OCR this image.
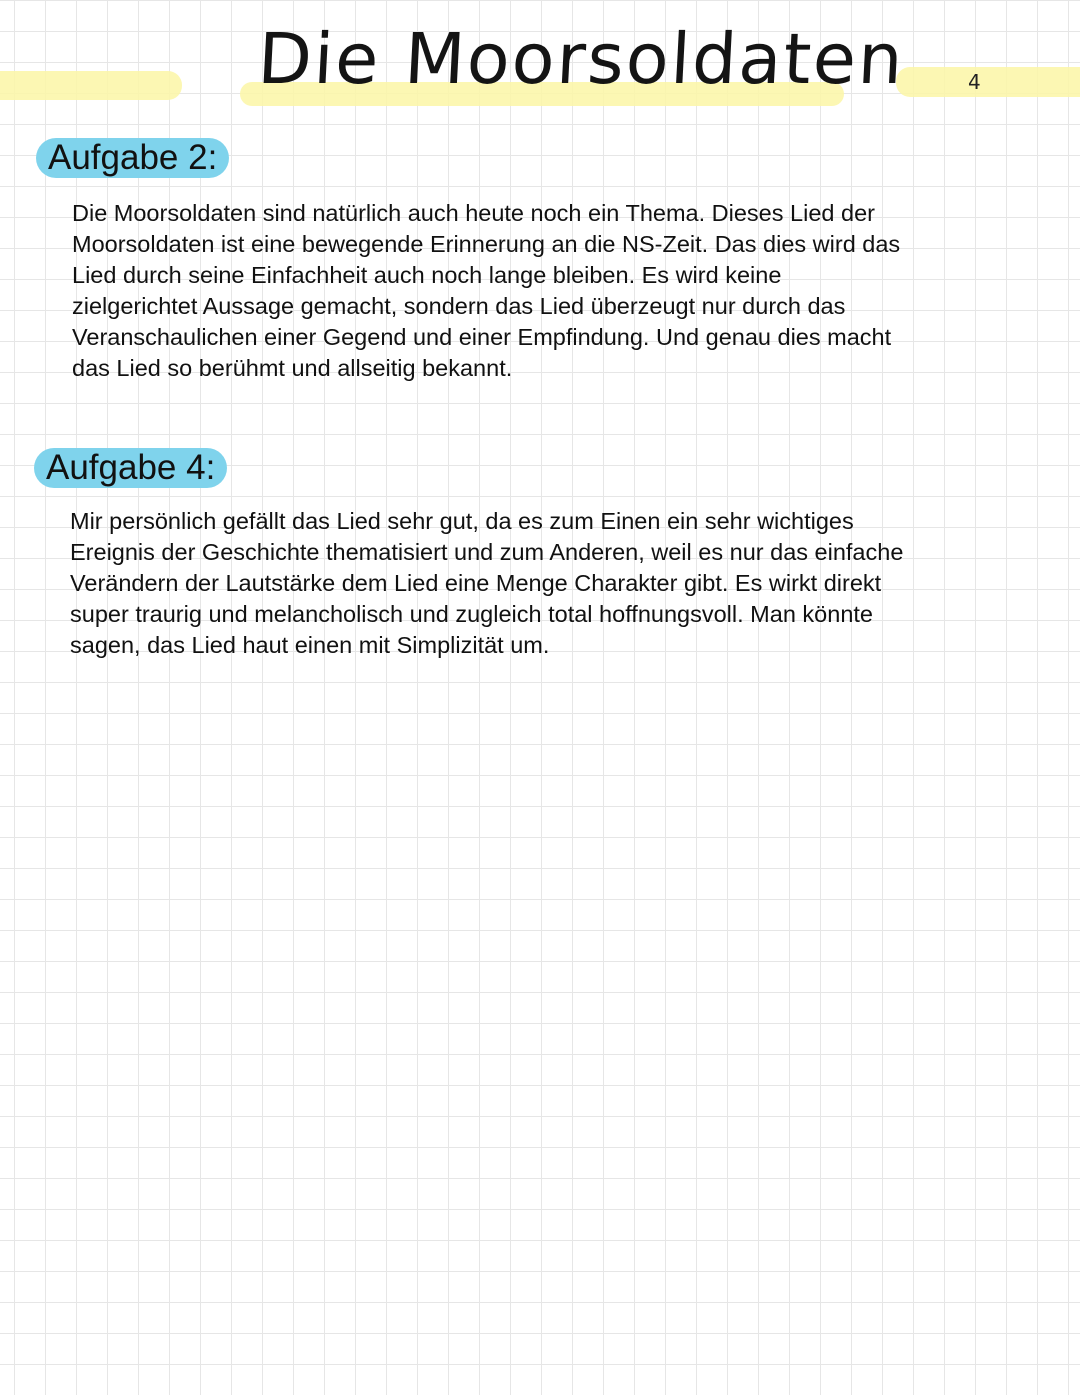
Die Moorsoldaten	4
Aufgabe 2:

Die Moorsoldaten sind natürlich auch heute noch ein Thema. Dieses Lied der
Moorsoldaten ist eine bewegende Erinnerung an die NS-Zeit. Das dies wird das
Lied durch seine Einfachheit auch noch lange bleiben. Es wird keine
zielgerichtet Aussage gemacht, sondern das Lied überzeugt nur durch das
Veranschaulichen einer Gegend und einer Empfindung. Und genau dies macht
das Lied so berühmt und allseitig bekannt.

Aufgabe 4:

Mir persönlich gefällt das Lied sehr gut, da es zum Einen ein sehr wichtiges
Ereignis der Geschichte thematisiert und zum Anderen, weil es nur das einfache
Verändern der Lautstärke dem Lied eine Menge Charakter gibt. Es wirkt direkt
super traurig und melancholisch und zugleich total hoffnungsvoll. Man könnte
sagen, das Lied haut einen mit Simplizität um.
